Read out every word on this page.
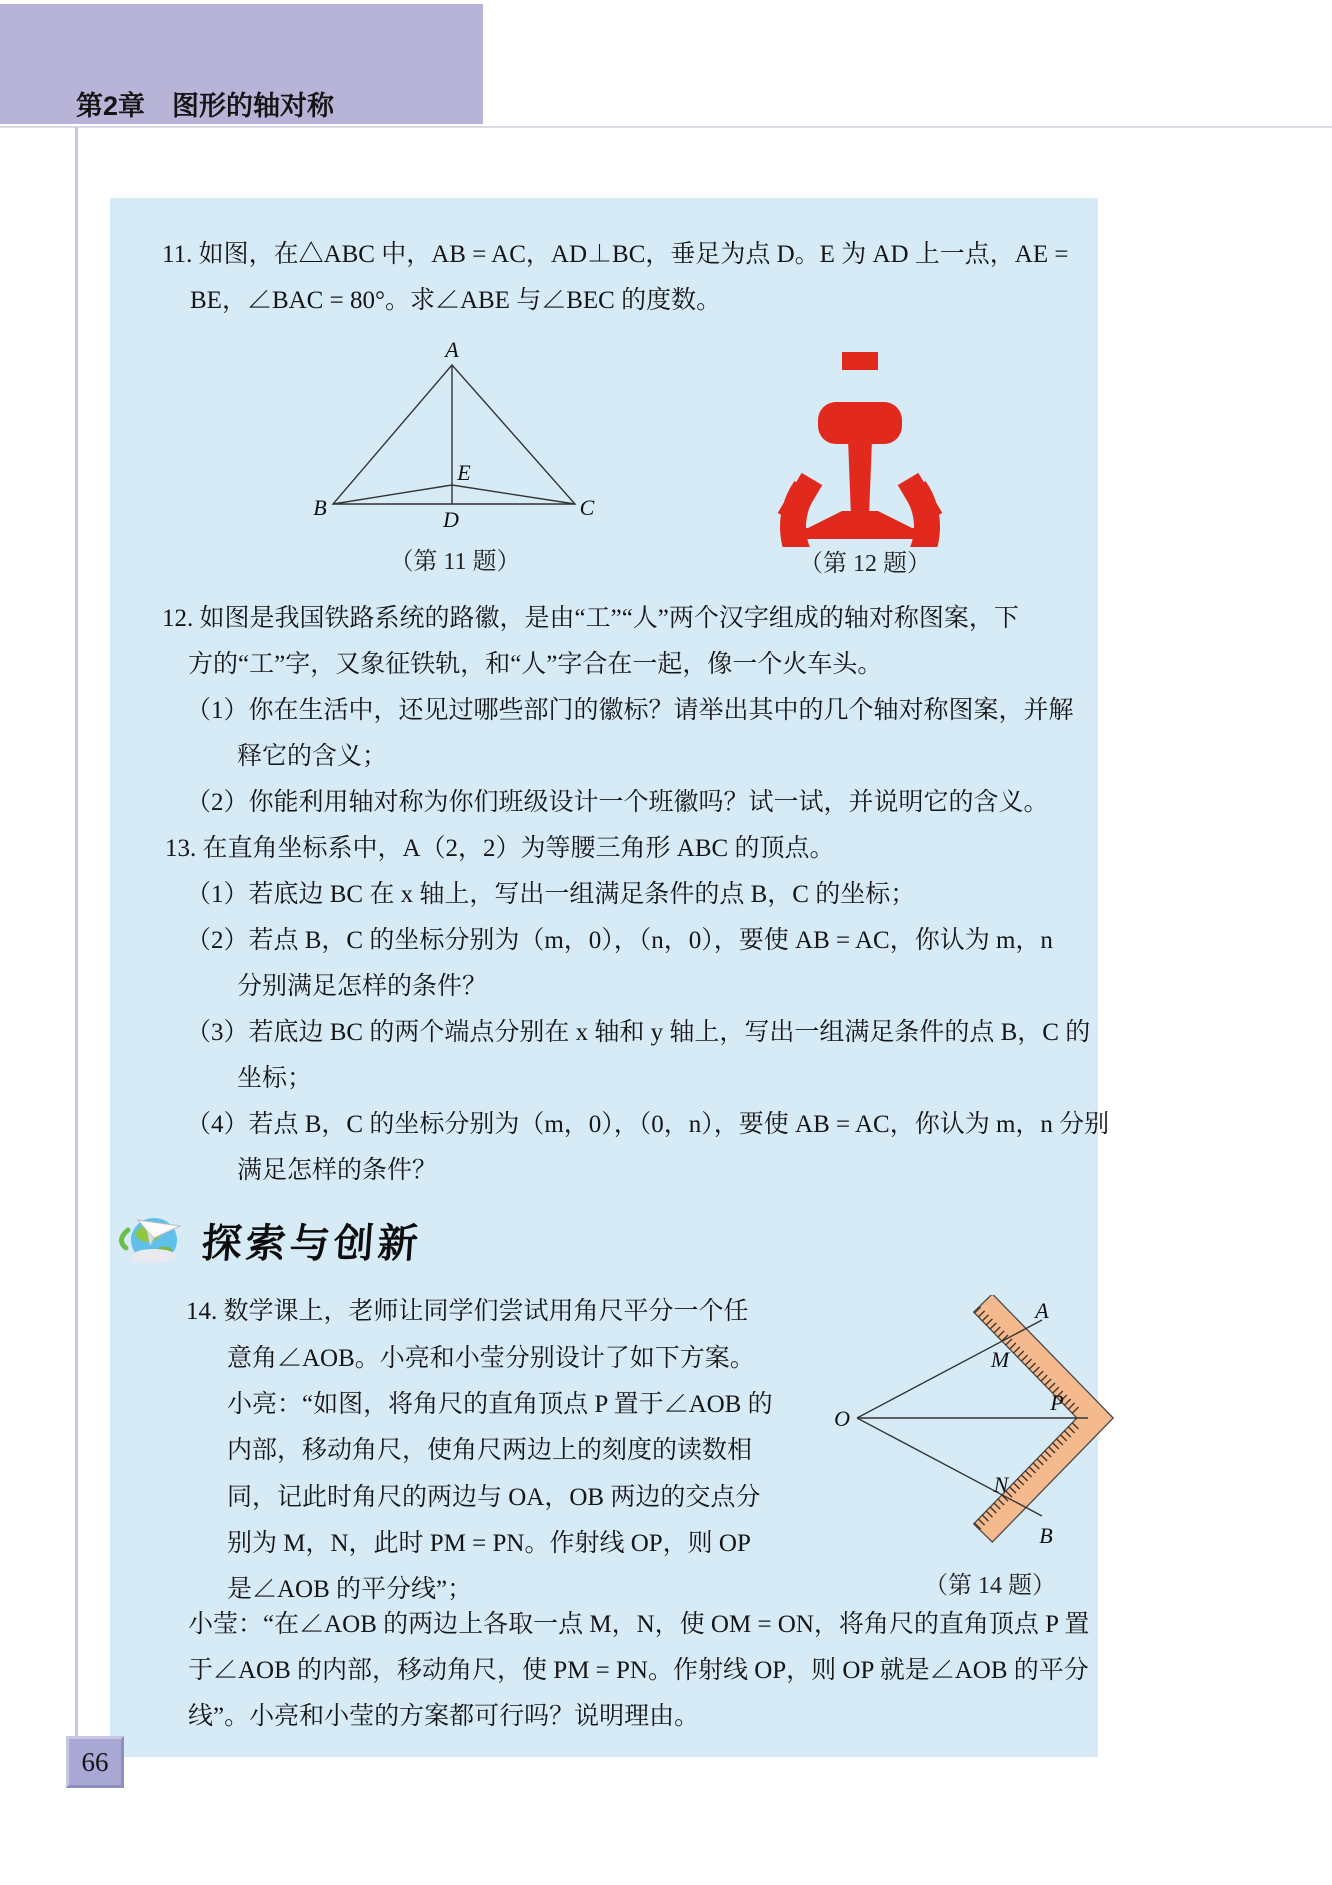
第2章　图形的轴对称
11. 如图，在△ABC 中，AB = AC，AD⊥BC，垂足为点 D。E 为 AD 上一点，AE =
BE，∠BAC = 80°。求∠ABE 与∠BEC 的度数。
A
B	C
D
E
（第 11 题）	（第 12 题）
12. 如图是我国铁路系统的路徽，是由“工”“人”两个汉字组成的轴对称图案，下
方的“工”字，又象征铁轨，和“人”字合在一起，像一个火车头。
（1）你在生活中，还见过哪些部门的徽标？请举出其中的几个轴对称图案，并解
释它的含义；
（2）你能利用轴对称为你们班级设计一个班徽吗？试一试，并说明它的含义。
13. 在直角坐标系中，A（2，2）为等腰三角形 ABC 的顶点。
（1）若底边 BC 在 x 轴上，写出一组满足条件的点 B，C 的坐标；
（2）若点 B，C 的坐标分别为（m，0），（n，0），要使 AB = AC，你认为 m，n
分别满足怎样的条件？
（3）若底边 BC 的两个端点分别在 x 轴和 y 轴上，写出一组满足条件的点 B，C 的
坐标；
（4）若点 B，C 的坐标分别为（m，0），（0，n），要使 AB = AC，你认为 m，n 分别
满足怎样的条件？
探索与创新
14. 数学课上，老师让同学们尝试用角尺平分一个任
意角∠AOB。小亮和小莹分别设计了如下方案。
小亮：“如图，将角尺的直角顶点 P 置于∠AOB 的
内部，移动角尺，使角尺两边上的刻度的读数相
同，记此时角尺的两边与 OA，OB 两边的交点分
别为 M，N，此时 PM = PN。作射线 OP，则 OP
是∠AOB 的平分线”；
小莹：“在∠AOB 的两边上各取一点 M，N，使 OM = ON，将角尺的直角顶点 P 置
于∠AOB 的内部，移动角尺，使 PM = PN。作射线 OP，则 OP 就是∠AOB 的平分
线”。小亮和小莹的方案都可行吗？说明理由。
O
A
B
M
N
P
（第 14 题）
66
